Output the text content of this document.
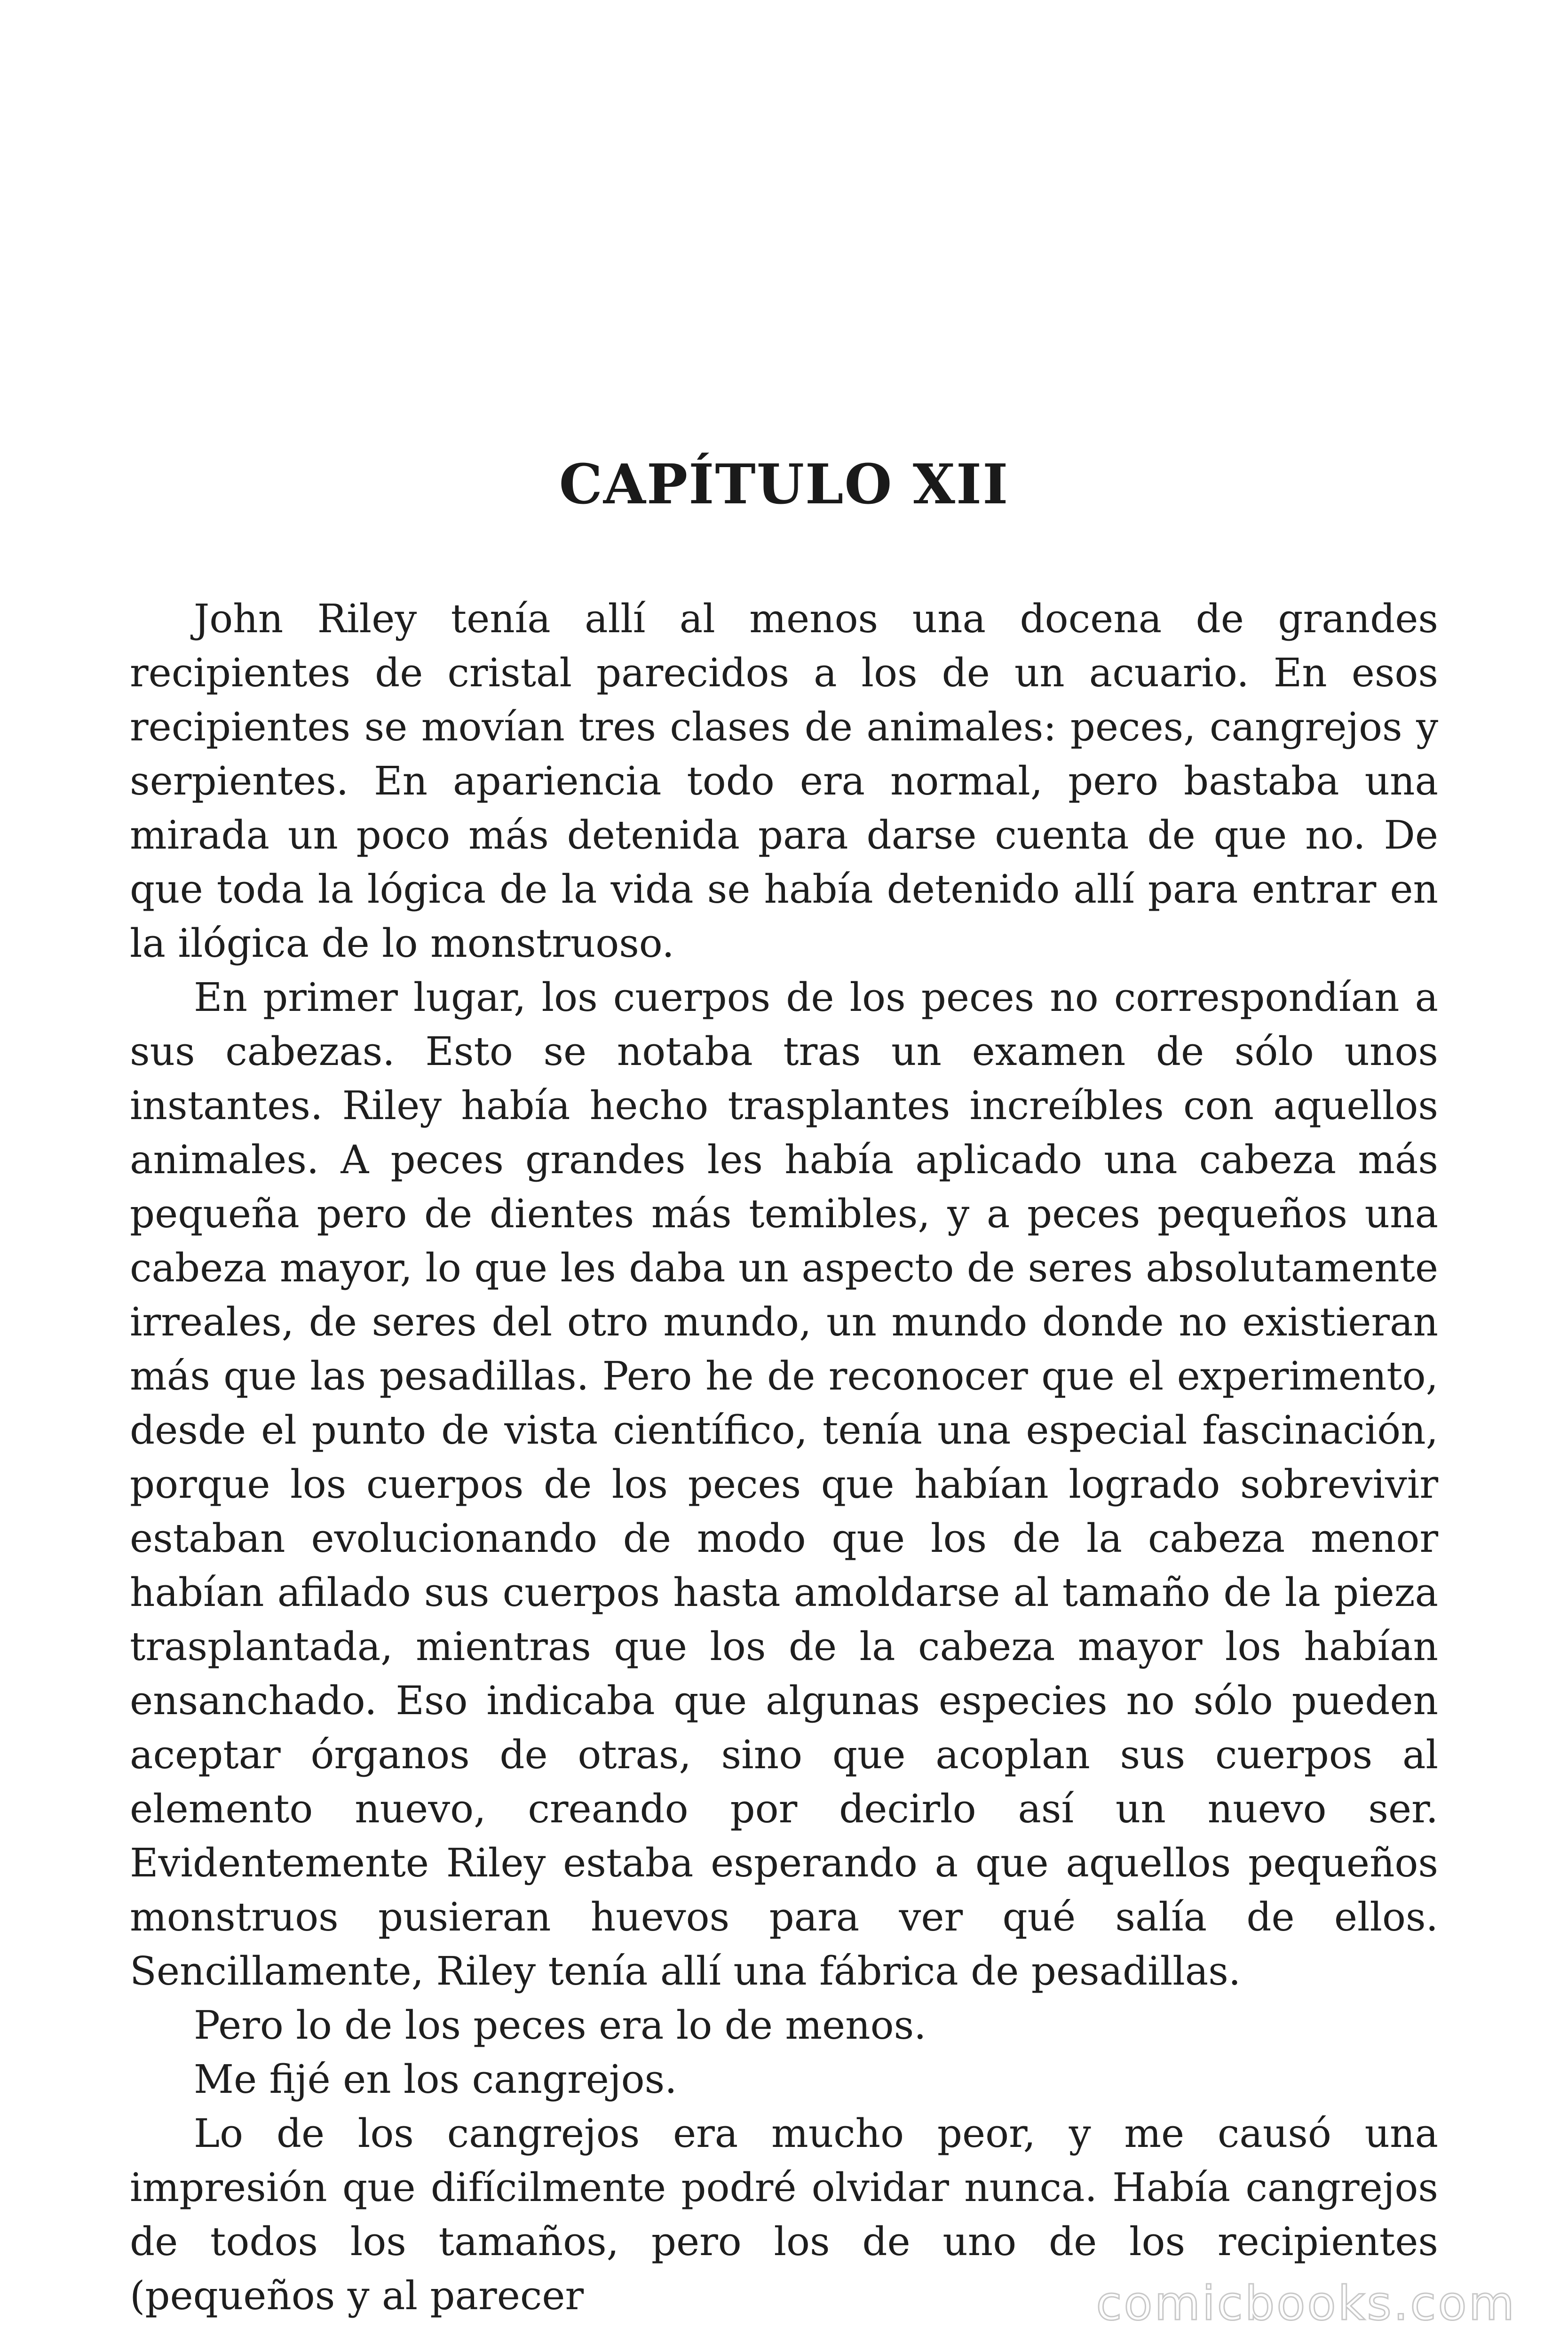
CAPÍTULO XII

John Riley tenía allí al menos una docena de grandes recipientes de cristal parecidos a los de un acuario. En esos recipientes se movían tres clases de animales: peces, cangrejos y serpientes. En apariencia todo era normal, pero bastaba una mirada un poco más detenida para darse cuenta de que no. De que toda la lógica de la vida se había detenido allí para entrar en la ilógica de lo monstruoso.

En primer lugar, los cuerpos de los peces no correspondían a sus cabezas. Esto se notaba tras un examen de sólo unos instantes. Riley había hecho trasplantes increíbles con aquellos animales. A peces grandes les había aplicado una cabeza más pequeña pero de dientes más temibles, y a peces pequeños una cabeza mayor, lo que les daba un aspecto de seres absolutamente irreales, de seres del otro mundo, un mundo donde no existieran más que las pesadillas. Pero he de reconocer que el experimento, desde el punto de vista científico, tenía una especial fascinación, porque los cuerpos de los peces que habían logrado sobrevivir estaban evolucionando de modo que los de la cabeza menor habían afilado sus cuerpos hasta amoldarse al tamaño de la pieza trasplantada, mientras que los de la cabeza mayor los habían ensanchado. Eso indicaba que algunas especies no sólo pueden aceptar órganos de otras, sino que acoplan sus cuerpos al elemento nuevo, creando por decirlo así un nuevo ser. Evidentemente Riley estaba esperando a que aquellos pequeños monstruos pusieran huevos para ver qué salía de ellos. Sencillamente, Riley tenía allí una fábrica de pesadillas.

Pero lo de los peces era lo de menos.

Me fijé en los cangrejos.

Lo de los cangrejos era mucho peor, y me causó una impresión que difícilmente podré olvidar nunca. Había cangrejos de todos los tamaños, pero los de uno de los recipientes (pequeños y al parecer	comicbooks.com
